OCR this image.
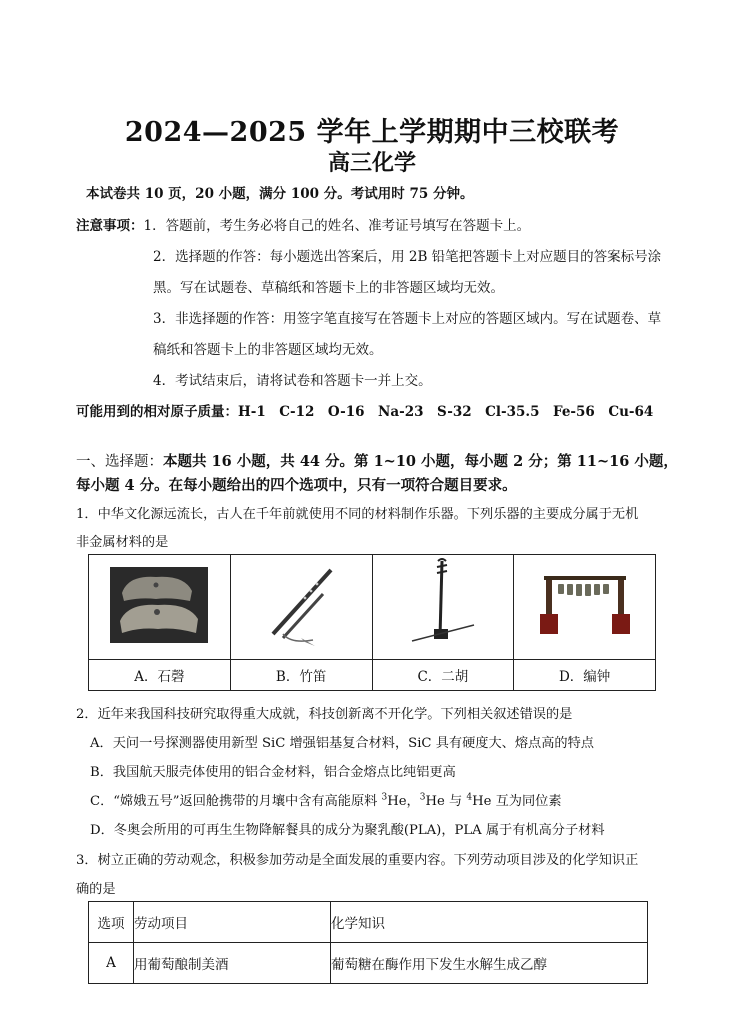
2024—2025 学年上学期期中三校联考
高三化学
本试卷共 10 页，20 小题，满分 100 分。考试用时 75 分钟。
注意事项：1．答题前，考生务必将自己的姓名、准考证号填写在答题卡上。
2．选择题的作答：每小题选出答案后，用 2B 铅笔把答题卡上对应题目的答案标号涂
黑。写在试题卷、草稿纸和答题卡上的非答题区域均无效。
3．非选择题的作答：用签字笔直接写在答题卡上对应的答题区域内。写在试题卷、草
稿纸和答题卡上的非答题区域均无效。
4．考试结束后，请将试卷和答题卡一并上交。
可能用到的相对原子质量：H-1　C-12　O-16　Na-23　S-32　Cl-35.5　Fe-56　Cu-64
一、选择题：本题共 16 小题，共 44 分。第 1~10 小题，每小题 2 分；第 11~16 小题，
每小题 4 分。在每小题给出的四个选项中，只有一项符合题目要求。
1．中华文化源远流长，古人在千年前就使用不同的材料制作乐器。下列乐器的主要成分属于无机
非金属材料的是

A．石磬	B．竹笛	C．二胡	D．编钟
2．近年来我国科技研究取得重大成就，科技创新离不开化学。下列相关叙述错误的是
A．天问一号探测器使用新型 SiC 增强铝基复合材料，SiC 具有硬度大、熔点高的特点
B．我国航天服壳体使用的铝合金材料，铝合金熔点比纯铝更高
C．“嫦娥五号”返回舱携带的月壤中含有高能原料 $^3$He，$^3$He 与 $^4$He 互为同位素
D．冬奥会所用的可再生生物降解餐具的成分为聚乳酸(PLA)，PLA 属于有机高分子材料
3．树立正确的劳动观念，积极参加劳动是全面发展的重要内容。下列劳动项目涉及的化学知识正
确的是
选项	劳动项目	化学知识
A	用葡萄酿制美酒	葡萄糖在酶作用下发生水解生成乙醇
